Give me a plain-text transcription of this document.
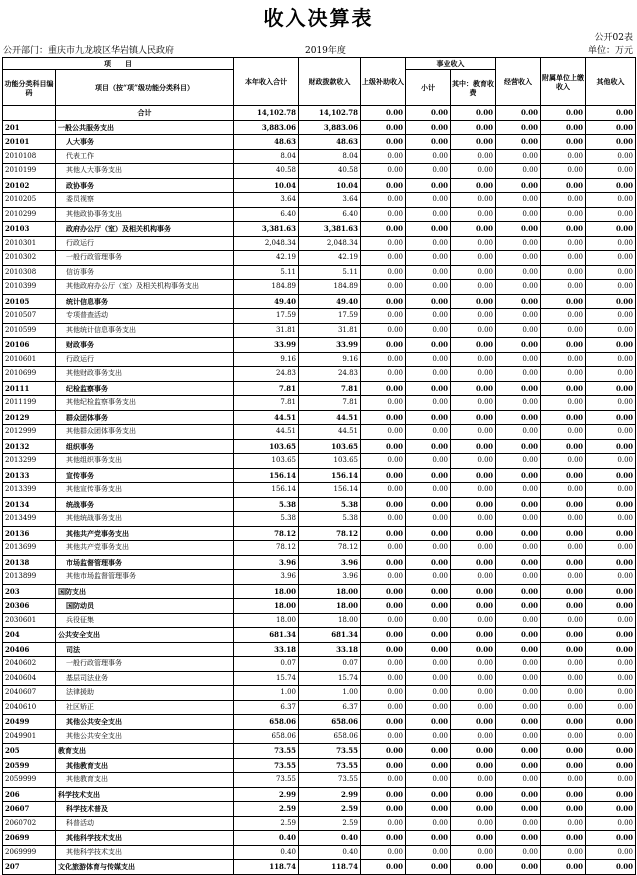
收入决算表
公开02表
公开部门：重庆市九龙坡区华岩镇人民政府	2019年度	单位：万元
项　　目		本年收入合计	财政拨款收入	上级补助收入	事业收入		经营收入	附属单位上缴收入	其他收入
功能分类科目编码	项目（按“项”级功能分类科目）				小计	其中：教育收费			

	合计	14,102.78	14,102.78	0.00	0.00	0.00	0.00	0.00	0.00
201	一般公共服务支出	3,883.06	3,883.06	0.00	0.00	0.00	0.00	0.00	0.00
20101	人大事务	48.63	48.63	0.00	0.00	0.00	0.00	0.00	0.00
2010108	代表工作	8.04	8.04	0.00	0.00	0.00	0.00	0.00	0.00
2010199	其他人大事务支出	40.58	40.58	0.00	0.00	0.00	0.00	0.00	0.00
20102	政协事务	10.04	10.04	0.00	0.00	0.00	0.00	0.00	0.00
2010205	委员视察	3.64	3.64	0.00	0.00	0.00	0.00	0.00	0.00
2010299	其他政协事务支出	6.40	6.40	0.00	0.00	0.00	0.00	0.00	0.00
20103	政府办公厅（室）及相关机构事务	3,381.63	3,381.63	0.00	0.00	0.00	0.00	0.00	0.00
2010301	行政运行	2,048.34	2,048.34	0.00	0.00	0.00	0.00	0.00	0.00
2010302	一般行政管理事务	42.19	42.19	0.00	0.00	0.00	0.00	0.00	0.00
2010308	信访事务	5.11	5.11	0.00	0.00	0.00	0.00	0.00	0.00
2010399	其他政府办公厅（室）及相关机构事务支出	184.89	184.89	0.00	0.00	0.00	0.00	0.00	0.00
20105	统计信息事务	49.40	49.40	0.00	0.00	0.00	0.00	0.00	0.00
2010507	专项普查活动	17.59	17.59	0.00	0.00	0.00	0.00	0.00	0.00
2010599	其他统计信息事务支出	31.81	31.81	0.00	0.00	0.00	0.00	0.00	0.00
20106	财政事务	33.99	33.99	0.00	0.00	0.00	0.00	0.00	0.00
2010601	行政运行	9.16	9.16	0.00	0.00	0.00	0.00	0.00	0.00
2010699	其他财政事务支出	24.83	24.83	0.00	0.00	0.00	0.00	0.00	0.00
20111	纪检监察事务	7.81	7.81	0.00	0.00	0.00	0.00	0.00	0.00
2011199	其他纪检监察事务支出	7.81	7.81	0.00	0.00	0.00	0.00	0.00	0.00
20129	群众团体事务	44.51	44.51	0.00	0.00	0.00	0.00	0.00	0.00
2012999	其他群众团体事务支出	44.51	44.51	0.00	0.00	0.00	0.00	0.00	0.00
20132	组织事务	103.65	103.65	0.00	0.00	0.00	0.00	0.00	0.00
2013299	其他组织事务支出	103.65	103.65	0.00	0.00	0.00	0.00	0.00	0.00
20133	宣传事务	156.14	156.14	0.00	0.00	0.00	0.00	0.00	0.00
2013399	其他宣传事务支出	156.14	156.14	0.00	0.00	0.00	0.00	0.00	0.00
20134	统战事务	5.38	5.38	0.00	0.00	0.00	0.00	0.00	0.00
2013499	其他统战事务支出	5.38	5.38	0.00	0.00	0.00	0.00	0.00	0.00
20136	其他共产党事务支出	78.12	78.12	0.00	0.00	0.00	0.00	0.00	0.00
2013699	其他共产党事务支出	78.12	78.12	0.00	0.00	0.00	0.00	0.00	0.00
20138	市场监督管理事务	3.96	3.96	0.00	0.00	0.00	0.00	0.00	0.00
2013899	其他市场监督管理事务	3.96	3.96	0.00	0.00	0.00	0.00	0.00	0.00
203	国防支出	18.00	18.00	0.00	0.00	0.00	0.00	0.00	0.00
20306	国防动员	18.00	18.00	0.00	0.00	0.00	0.00	0.00	0.00
2030601	兵役征集	18.00	18.00	0.00	0.00	0.00	0.00	0.00	0.00
204	公共安全支出	681.34	681.34	0.00	0.00	0.00	0.00	0.00	0.00
20406	司法	33.18	33.18	0.00	0.00	0.00	0.00	0.00	0.00
2040602	一般行政管理事务	0.07	0.07	0.00	0.00	0.00	0.00	0.00	0.00
2040604	基层司法业务	15.74	15.74	0.00	0.00	0.00	0.00	0.00	0.00
2040607	法律援助	1.00	1.00	0.00	0.00	0.00	0.00	0.00	0.00
2040610	社区矫正	6.37	6.37	0.00	0.00	0.00	0.00	0.00	0.00
20499	其他公共安全支出	658.06	658.06	0.00	0.00	0.00	0.00	0.00	0.00
2049901	其他公共安全支出	658.06	658.06	0.00	0.00	0.00	0.00	0.00	0.00
205	教育支出	73.55	73.55	0.00	0.00	0.00	0.00	0.00	0.00
20599	其他教育支出	73.55	73.55	0.00	0.00	0.00	0.00	0.00	0.00
2059999	其他教育支出	73.55	73.55	0.00	0.00	0.00	0.00	0.00	0.00
206	科学技术支出	2.99	2.99	0.00	0.00	0.00	0.00	0.00	0.00
20607	科学技术普及	2.59	2.59	0.00	0.00	0.00	0.00	0.00	0.00
2060702	科普活动	2.59	2.59	0.00	0.00	0.00	0.00	0.00	0.00
20699	其他科学技术支出	0.40	0.40	0.00	0.00	0.00	0.00	0.00	0.00
2069999	其他科学技术支出	0.40	0.40	0.00	0.00	0.00	0.00	0.00	0.00
207	文化旅游体育与传媒支出	118.74	118.74	0.00	0.00	0.00	0.00	0.00	0.00
